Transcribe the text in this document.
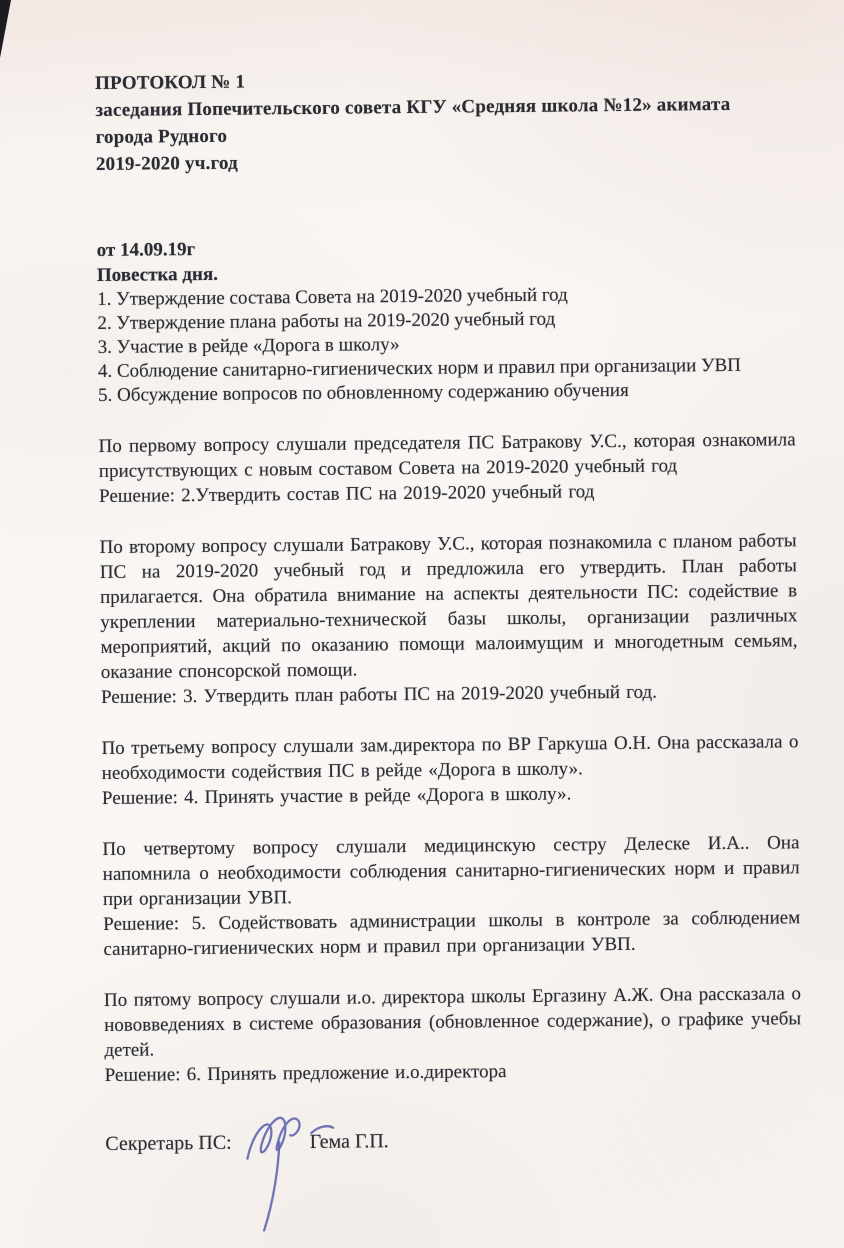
ПРОТОКОЛ № 1

заседания Попечительского совета КГУ «Средняя школа №12» акимата

города Рудного

2019-2020 уч.год

от 14.09.19г

Повестка дня.

1. Утверждение состава Совета на 2019-2020 учебный год

2. Утверждение плана работы на 2019-2020 учебный год

3. Участие в рейде «Дорога в школу»

4. Соблюдение санитарно-гигиенических норм и правил при организации УВП

5. Обсуждение вопросов по обновленному содержанию обучения

По первому вопросу слушали председателя ПС Батракову У.С., которая ознакомила присутствующих с новым составом Совета на 2019-2020 учебный год

Решение: 2.Утвердить состав ПС на 2019-2020 учебный год

По второму вопросу слушали Батракову У.С., которая познакомила с планом работы ПС на 2019-2020 учебный год и предложила его утвердить. План работы прилагается. Она обратила внимание на аспекты деятельности ПС: содействие в укреплении материально-технической базы школы, организации различных мероприятий, акций по оказанию помощи малоимущим и многодетным семьям, оказание спонсорской помощи.

Решение: 3. Утвердить план работы ПС на 2019-2020 учебный год.

По третьему вопросу слушали зам.директора по ВР Гаркуша О.Н. Она рассказала о необходимости содействия ПС в рейде «Дорога в школу».

Решение: 4. Принять участие в рейде «Дорога в школу».

По четвертому вопросу слушали медицинскую сестру Делеске И.А.. Она напомнила о необходимости соблюдения санитарно-гигиенических норм и правил при организации УВП.

Решение: 5. Содействовать администрации школы в контроле за соблюдением санитарно-гигиенических норм и правил при организации УВП.

По пятому вопросу слушали и.о. директора школы Ергазину А.Ж. Она рассказала о нововведениях в системе образования (обновленное содержание), о графике учебы детей.

Решение: 6. Принять предложение и.о.директора

Секретарь ПС:	Гема Г.П.
